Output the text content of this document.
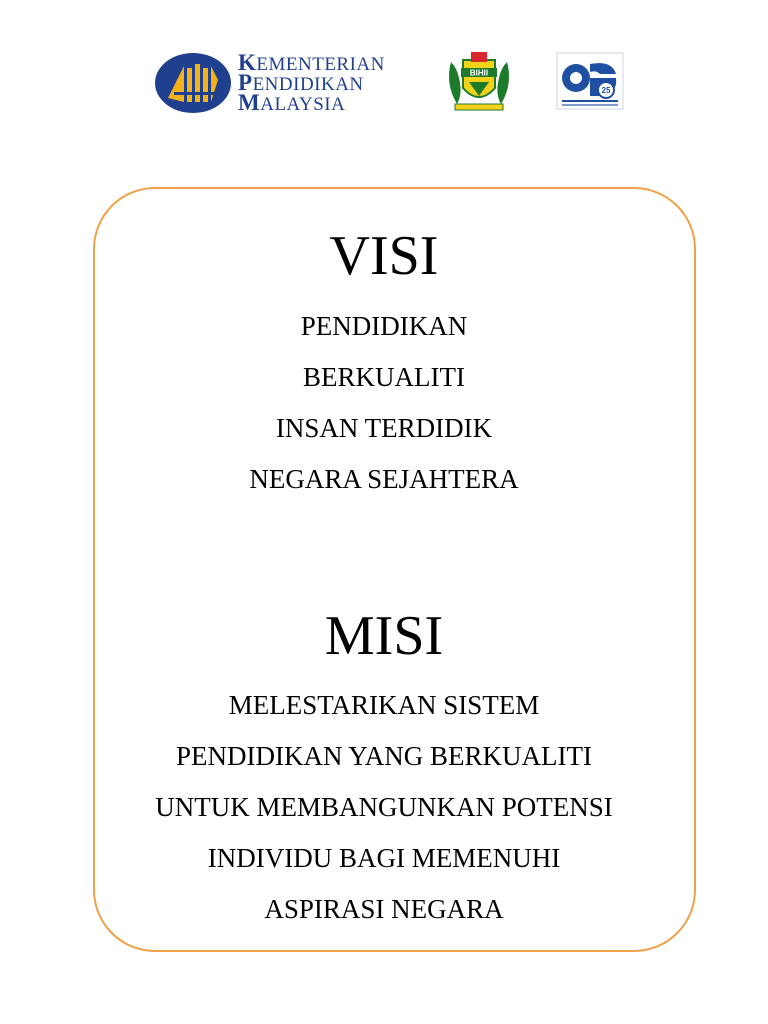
KEMENTERIAN
PENDIDIKAN
MALAYSIA
BIHII
25
VISI
PENDIDIKAN
BERKUALITI
INSAN TERDIDIK
NEGARA SEJAHTERA
MISI
MELESTARIKAN SISTEM
PENDIDIKAN YANG BERKUALITI
UNTUK MEMBANGUNKAN POTENSI
INDIVIDU BAGI MEMENUHI
ASPIRASI NEGARA
